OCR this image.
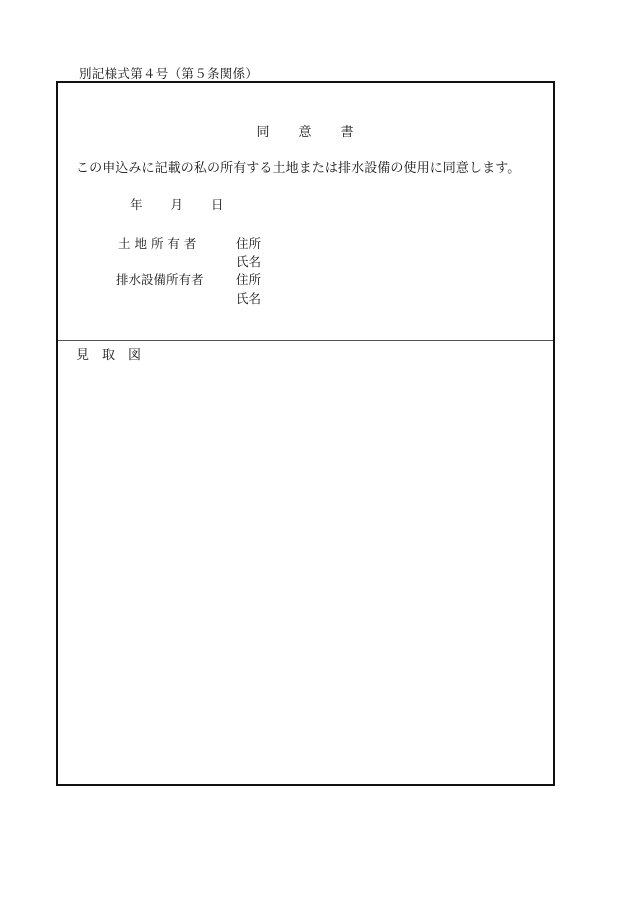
別記様式第４号（第５条関係）
同　　意　　書
この申込みに記載の私の所有する土地または排水設備の使用に同意します。
年 月 日
土 地 所 有 者	住所
氏名
排水設備所有者	住所
氏名
見　取　図
